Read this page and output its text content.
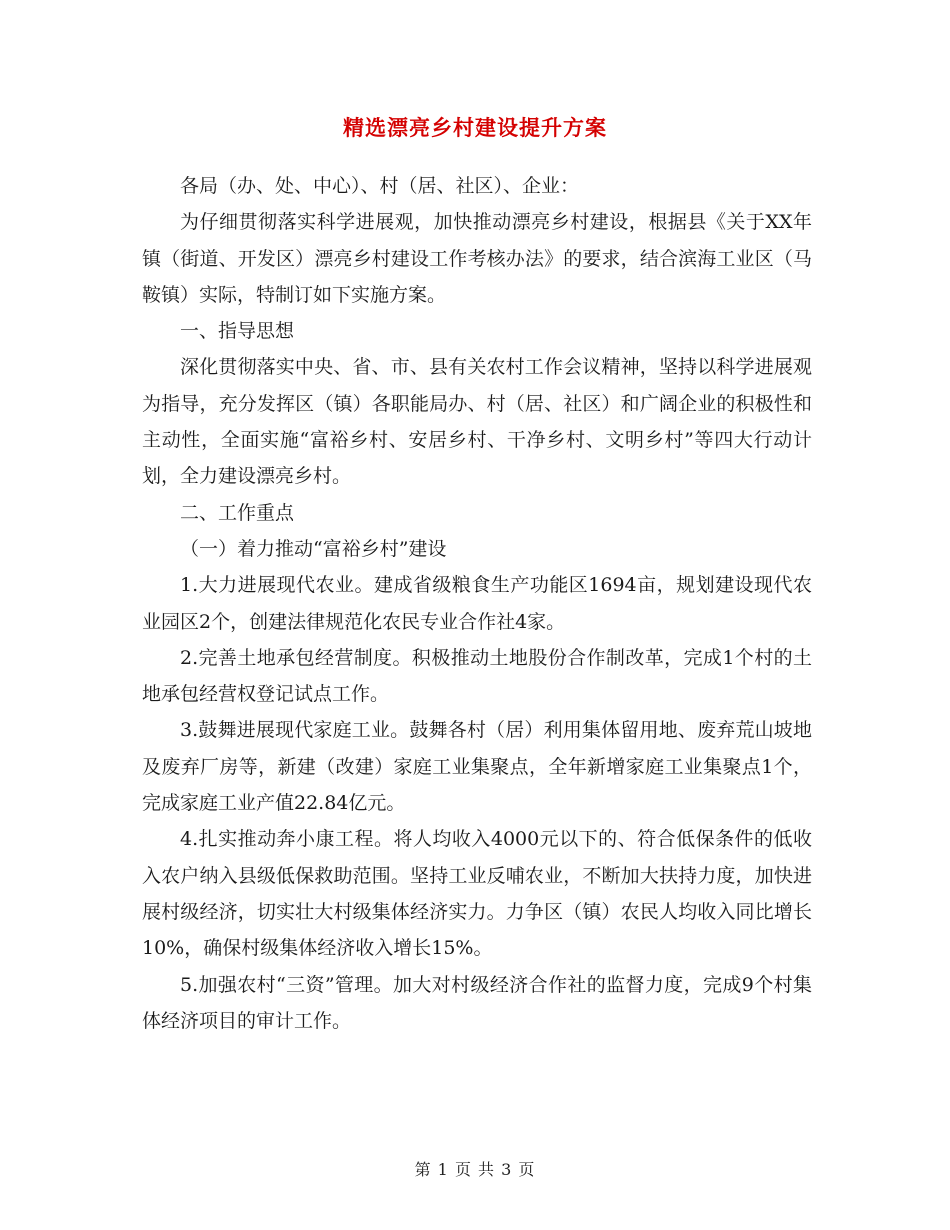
精选漂亮乡村建设提升方案

各局（办、处、中心）、村（居、社区）、企业：

为仔细贯彻落实科学进展观，加快推动漂亮乡村建设，根据县《关于XX年镇（街道、开发区）漂亮乡村建设工作考核办法》的要求，结合滨海工业区（马鞍镇）实际，特制订如下实施方案。

一、指导思想

深化贯彻落实中央、省、市、县有关农村工作会议精神，坚持以科学进展观为指导，充分发挥区（镇）各职能局办、村（居、社区）和广阔企业的积极性和主动性，全面实施“富裕乡村、安居乡村、干净乡村、文明乡村”等四大行动计划，全力建设漂亮乡村。

二、工作重点

（一）着力推动“富裕乡村”建设

1.大力进展现代农业。建成省级粮食生产功能区1694亩，规划建设现代农业园区2个，创建法律规范化农民专业合作社4家。

2.完善土地承包经营制度。积极推动土地股份合作制改革，完成1个村的土地承包经营权登记试点工作。

3.鼓舞进展现代家庭工业。鼓舞各村（居）利用集体留用地、废弃荒山坡地及废弃厂房等，新建（改建）家庭工业集聚点，全年新增家庭工业集聚点1个，完成家庭工业产值22.84亿元。

4.扎实推动奔小康工程。将人均收入4000元以下的、符合低保条件的低收入农户纳入县级低保救助范围。坚持工业反哺农业，不断加大扶持力度，加快进展村级经济，切实壮大村级集体经济实力。力争区（镇）农民人均收入同比增长10%，确保村级集体经济收入增长15%。

5.加强农村“三资”管理。加大对村级经济合作社的监督力度，完成9个村集体经济项目的审计工作。

第 1 页 共 3 页
